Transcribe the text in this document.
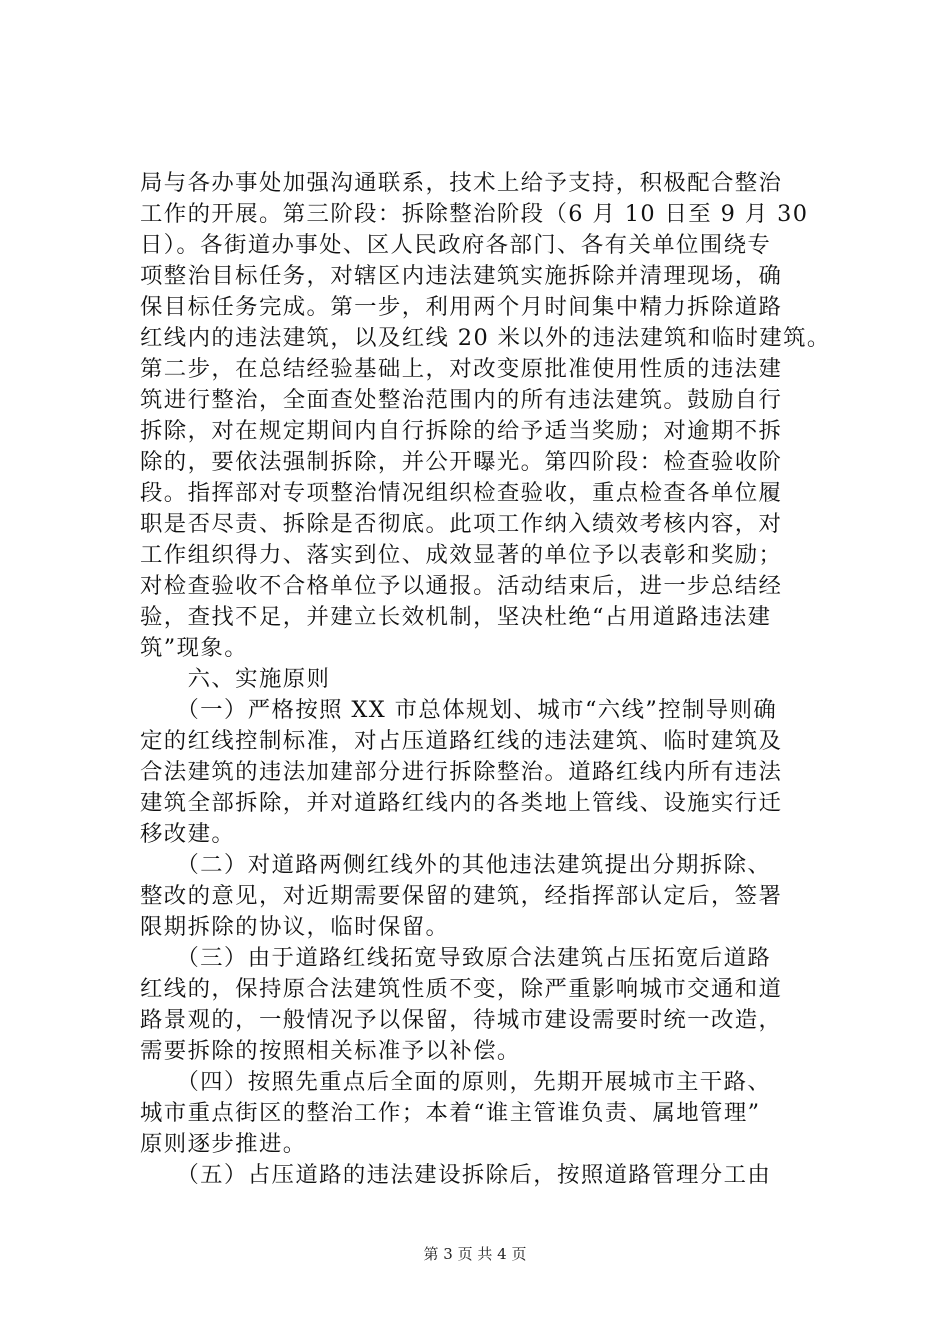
局与各办事处加强沟通联系，技术上给予支持，积极配合整治
工作的开展。第三阶段：拆除整治阶段（6 月 10 日至 9 月 30
日）。各街道办事处、区人民政府各部门、各有关单位围绕专
项整治目标任务，对辖区内违法建筑实施拆除并清理现场，确
保目标任务完成。第一步，利用两个月时间集中精力拆除道路
红线内的违法建筑，以及红线 20 米以外的违法建筑和临时建筑。
第二步，在总结经验基础上，对改变原批准使用性质的违法建
筑进行整治，全面查处整治范围内的所有违法建筑。鼓励自行
拆除，对在规定期间内自行拆除的给予适当奖励；对逾期不拆
除的，要依法强制拆除，并公开曝光。第四阶段：检查验收阶
段。指挥部对专项整治情况组织检查验收，重点检查各单位履
职是否尽责、拆除是否彻底。此项工作纳入绩效考核内容，对
工作组织得力、落实到位、成效显著的单位予以表彰和奖励；
对检查验收不合格单位予以通报。活动结束后，进一步总结经
验，查找不足，并建立长效机制，坚决杜绝“占用道路违法建
筑”现象。
　　六、实施原则
　　（一）严格按照 XX 市总体规划、城市“六线”控制导则确
定的红线控制标准，对占压道路红线的违法建筑、临时建筑及
合法建筑的违法加建部分进行拆除整治。道路红线内所有违法
建筑全部拆除，并对道路红线内的各类地上管线、设施实行迁
移改建。
　　（二）对道路两侧红线外的其他违法建筑提出分期拆除、
整改的意见，对近期需要保留的建筑，经指挥部认定后，签署
限期拆除的协议，临时保留。
　　（三）由于道路红线拓宽导致原合法建筑占压拓宽后道路
红线的，保持原合法建筑性质不变，除严重影响城市交通和道
路景观的，一般情况予以保留，待城市建设需要时统一改造，
需要拆除的按照相关标准予以补偿。
　　（四）按照先重点后全面的原则，先期开展城市主干路、
城市重点街区的整治工作；本着“谁主管谁负责、属地管理”
原则逐步推进。
　　（五）占压道路的违法建设拆除后，按照道路管理分工由
第 3 页 共 4 页
